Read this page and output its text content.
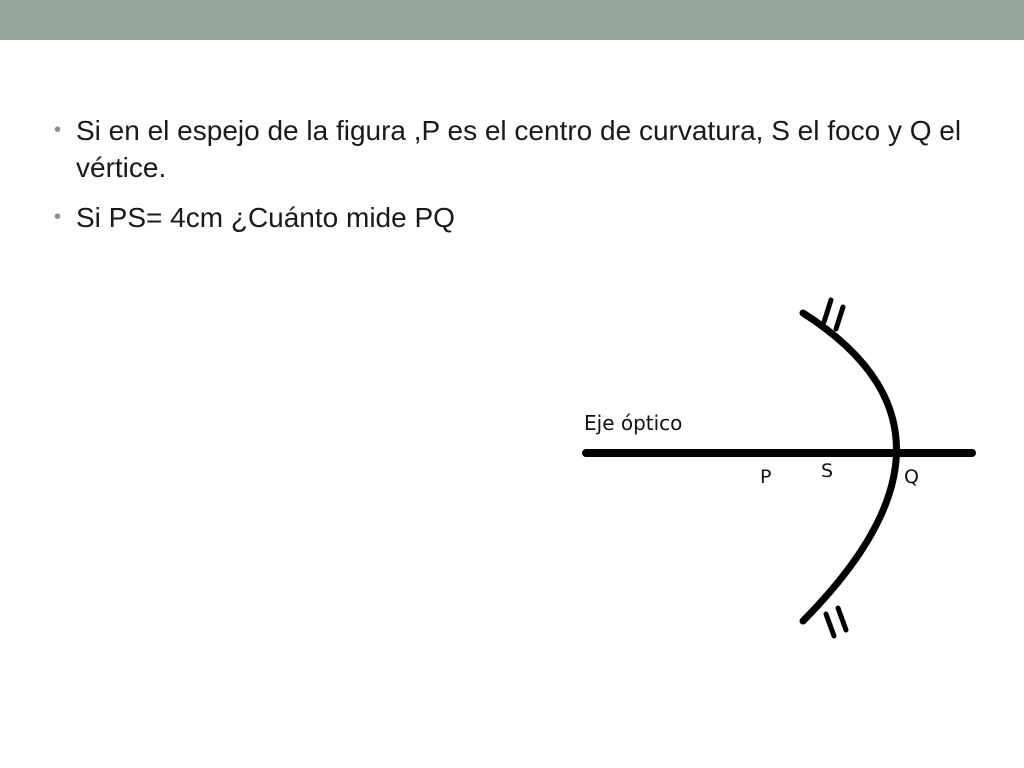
• Si en el espejo de la figura ,P es el centro de curvatura, S el foco y Q el vértice.
• Si PS= 4cm ¿Cuánto mide PQ
Eje óptico
P	S	Q
